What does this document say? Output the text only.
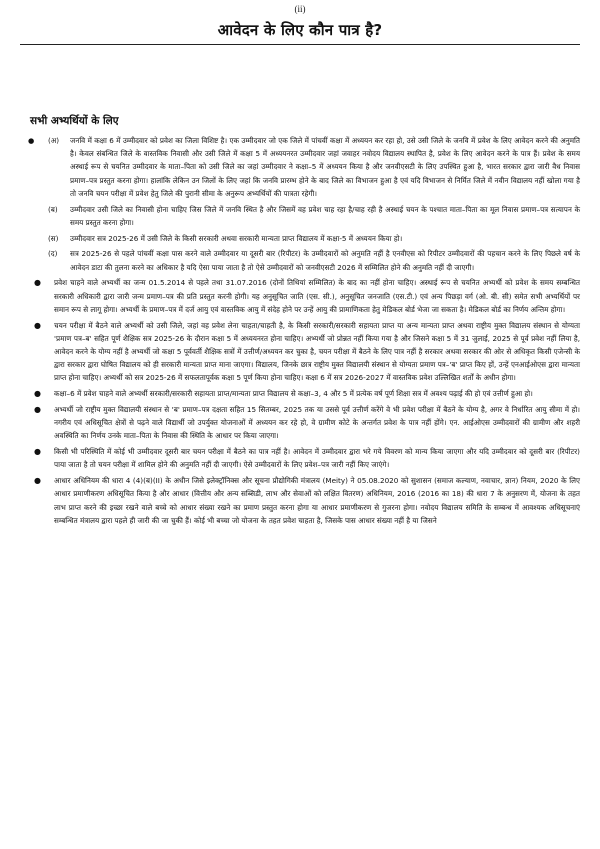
(ii)
आवेदन के लिए कौन पात्र है?
सभी अभ्यर्थियों के लिए
● (अ) जनवि में कक्षा 6 में उम्मीदवार को प्रवेश का जिला विशिष्ट है। एक उम्मीदवार जो एक जिले में पांचवीं कक्षा में अध्ययन कर रहा हो, उसे उसी जिले के जनवि में प्रवेश के लिए आवेदन करने की अनुमति है। केवल संबन्धित जिले के वास्तविक निवासी और उसी जिले में कक्षा 5 में अध्ययनरत उम्मीदवार जहां जवाहर नवोदय विद्यालय स्थापित है, प्रवेश के लिए आवेदन करने के पात्र हैं। प्रवेश के समय अस्थाई रूप से चयनित उम्मीदवार के माता–पिता को उसी जिले का जहां उम्मीदवार ने कक्षा–5 में अध्ययन किया है और जनवीएसटी के लिए उपस्थित हुआ है, भारत सरकार द्वारा जारी वैध निवास प्रमाण–पत्र प्रस्तुत करना होगा। हालांकि लेकिन उन जिलों के लिए जहां कि जनवि प्रारम्भ होने के बाद जिले का विभाजन हुआ है एवं यदि विभाजन से निर्मित जिले में नवीन विद्यालय नहीं खोला गया है तो जनवि चयन परीक्षा में प्रवेश हेतु जिले की पुरानी सीमा के अनुरूप अभ्यर्थियों की पात्रता रहेगी।
(ब) उम्मीदवार उसी जिले का निवासी होना चाहिए जिस जिले में जनवि स्थित है और जिसमें वह प्रवेश चाह रहा है/चाह रही है अस्थाई चयन के पश्चात माता–पिता का मूल निवास प्रमाण–पत्र सत्यापन के समय प्रस्तुत करना होगा।
(स) उम्मीदवार सत्र 2025-26 में उसी जिले के किसी सरकारी अथवा सरकारी मान्यता प्राप्त विद्यालय में कक्षा-5 में अध्ययन किया हो।
(द) सत्र 2025-26 से पहले पांचवीं कक्षा पास करने वाले उम्मीदवार या दूसरी बार (रिपीटर) के उम्मीदवारों को अनुमति नहीं है एनवीएस को रिपीटर उम्मीदवारों की पहचान करने के लिए पिछले वर्ष के आवेदन डाटा की तुलना करने का अधिकार है यदि ऐसा पाया जाता है तो ऐसे उम्मीदवारों को जनवीएसटी 2026 में सम्मिलित होने की अनुमति नहीं दी जाएगी।
● प्रवेश चाहने वाले अभ्यर्थी का जन्म 01.5.2014 से पहले तथा 31.07.2016 (दोनों तिथियां सम्मिलित) के बाद का नहीं होना चाहिए। अस्थाई रूप से चयनित अभ्यर्थी को प्रवेश के समय सम्बन्धित सरकारी अधिकारी द्वारा जारी जन्म प्रमाण–पत्र की प्रति प्रस्तुत करनी होगी। यह अनुसूचित जाति (एस. सी.), अनुसूचित जनजाति (एस.टी.) एवं अन्य पिछड़ा वर्ग (ओ. बी. सी) समेत सभी अभ्यर्थियों पर समान रूप से लागू होगा। अभ्यर्थी के प्रमाण–पत्र में दर्ज आयु एवं वास्तविक आयु में संदेह होने पर उन्हें आयु की प्रामाणिकता हेतु मेडिकल बोर्ड भेजा जा सकता है। मेडिकल बोर्ड का निर्णय अन्तिम होगा।
● चयन परीक्षा में बैठने वाले अभ्यर्थी को उसी जिले, जहां वह प्रवेश लेना चाहता/चाहती है, के किसी सरकारी/सरकारी सहायता प्राप्त या अन्य मान्यता प्राप्त अथवा राष्ट्रीय मुक्त विद्यालय संस्थान से योग्यता 'प्रमाण पत्र–ब' सहित पूर्ण शैक्षिक सत्र 2025-26 के दौरान कक्षा 5 में अध्ययनरत होना चाहिए। अभ्यर्थी जो प्रोन्नत नहीं किया गया है और जिसने कक्षा 5 में 31 जुलाई, 2025 से पूर्व प्रवेश नहीं लिया है, आवेदन करने के योग्य नहीं है अभ्यर्थी जो कक्षा 5 पूर्ववर्ती शैक्षिक सत्रों में उत्तीर्ण/अध्ययन कर चुका है, चयन परीक्षा में बैठने के लिए पात्र नहीं है सरकार अथवा सरकार की ओर से अधिकृत किसी एजेन्सी के द्वारा सरकार द्वारा घोषित विद्यालय को ही सरकारी मान्यता प्राप्त माना जाएगा। विद्यालय, जिनके छात्र राष्ट्रीय मुक्त विद्यालयी संस्थान से योग्यता प्रमाण पत्र–'ब' प्राप्त किए हों, उन्हें एनआईओएस द्वारा मान्यता प्राप्त होना चाहिए। अभ्यर्थी को सत्र 2025-26 में सफलतापूर्वक कक्षा 5 पूर्ण किया होना चाहिए। कक्षा 6 में सत्र 2026-2027 में वास्तविक प्रवेश उल्लिखित शर्तों के अधीन होगा।
● कक्षा–6 में प्रवेश चाहने वाले अभ्यर्थी सरकारी/सरकारी सहायता प्राप्त/मान्यता प्राप्त विद्यालय से कक्षा–3, 4 और 5 में प्रत्येक वर्ष पूर्ण शिक्षा सत्र में अवश्य पढ़ाई की हो एवं उत्तीर्ण हुआ हो।
● अभ्यर्थी जो राष्ट्रीय मुक्त विद्यालयी संस्थान से 'ब' प्रमाण–पत्र दक्षता सहित 15 सितम्बर, 2025 तक या उससे पूर्व उत्तीर्ण करेंगे वे भी प्रवेश परीक्षा में बैठने के योग्य है, अगर वे निर्धारित आयु सीमा में हो। नगरीय एवं अधिसूचित क्षेत्रों से पढ़ने वाले विद्यार्थी जो उपर्युक्त योजनाओं में अध्ययन कर रहे हो, वे ग्रामीण कोटे के अन्तर्गत प्रवेश के पात्र नहीं होंगे। एन. आईओएस उम्मीदवारों की ग्रामीण और शहरी अवस्थिति का निर्णय उनके माता–पिता के निवास की स्थिति के आधार पर किया जाएगा।
● किसी भी परिस्थिति में कोई भी उम्मीदवार दूसरी बार चयन परीक्षा में बैठने का पात्र नहीं है। आवेदन में उम्मीदवार द्वारा भरे गये विवरण को मान्य किया जाएगा और यदि उम्मीदवार को दूसरी बार (रिपीटर) पाया जाता है तो चयन परीक्षा में शामिल होने की अनुमति नहीं दी जाएगी। ऐसे उम्मीदवारों के लिए प्रवेश–पत्र जारी नहीं किए जाएंगे।
● आधार अधिनियम की धारा 4 (4)(ब)(II) के अधीन जिसे इलेक्ट्रॉनिक्स और सूचना प्रौद्योगिकी मंत्रालय (Meity) ने 05.08.2020 को सुशासन (समाज कल्याण, नवाचार, ज्ञान) नियम, 2020 के लिए आधार प्रमाणीकरण अधिसूचित किया है और आधार (वित्तीय और अन्य सब्सिडी, लाभ और सेवाओं को लक्षित वितरण) अधिनियम, 2016 (2016 का 18) की धारा 7 के अनुसरण में, योजना के तहत लाभ प्राप्त करने की इच्छा रखने वाले बच्चे को आधार संख्या रखने का प्रमाण प्रस्तुत करना होगा या आधार प्रमाणीकरण से गुजरना होगा। नवोदय विद्यालय समिति के सम्बन्ध में आवश्यक अधिसूचनाएं सम्बन्धित मंत्रालय द्वारा पहले ही जारी की जा चुकी हैं। कोई भी बच्चा जो योजना के तहत प्रवेश चाहता है, जिसके पास आधार संख्या नहीं है या जिसने
